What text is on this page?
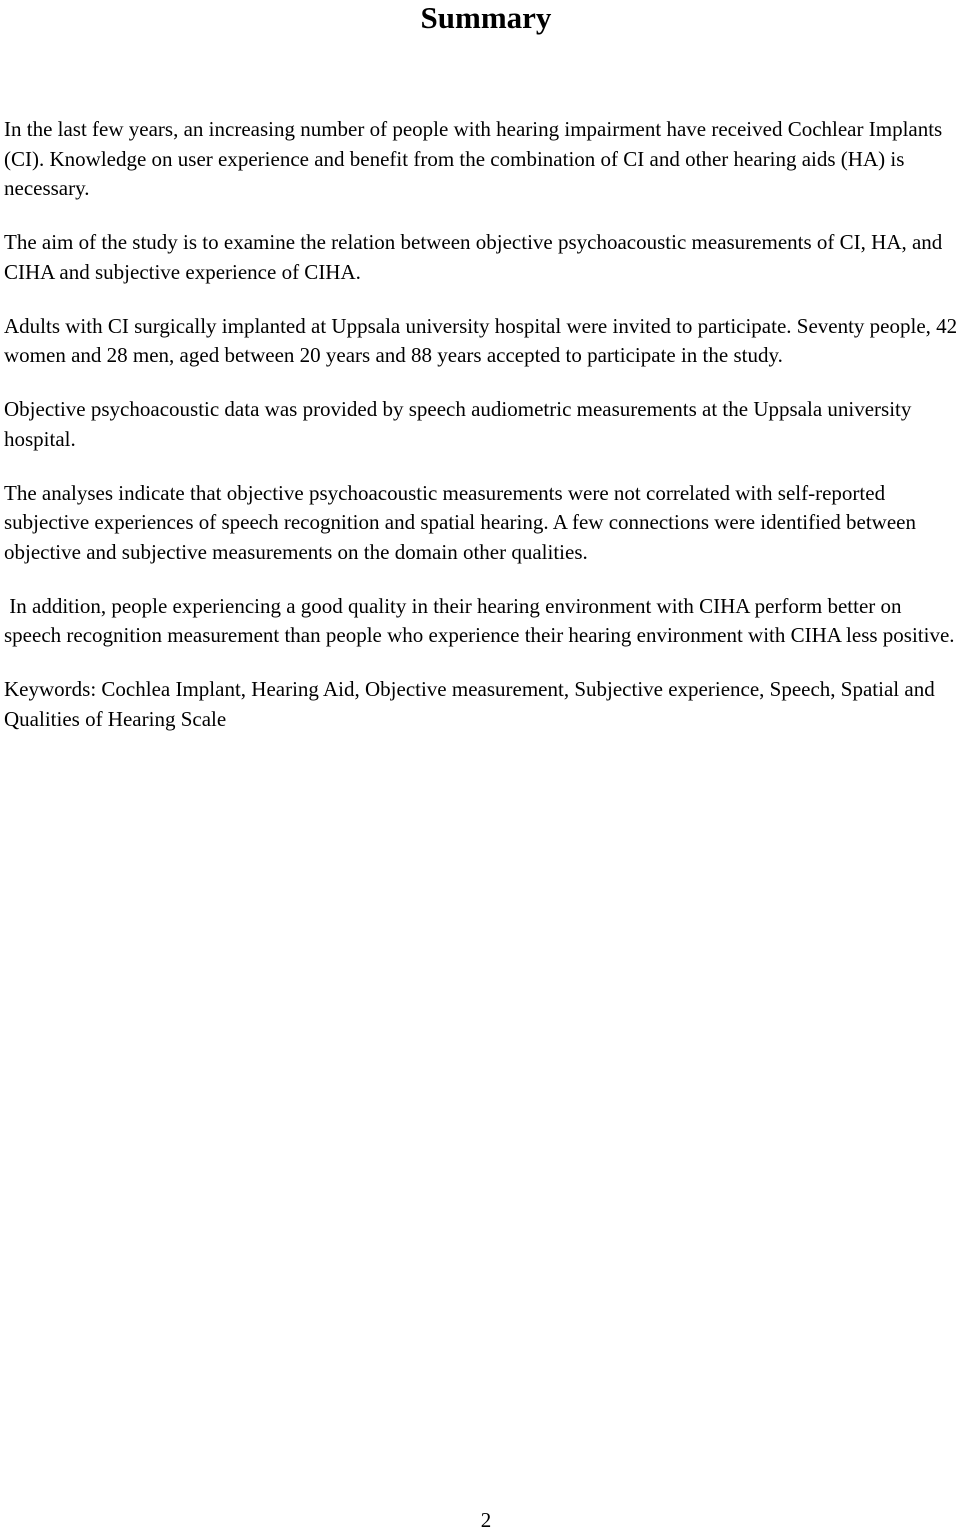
Summary

In the last few years, an increasing number of people with hearing impairment have received Cochlear Implants (CI). Knowledge on user experience and benefit from the combination of CI and other hearing aids (HA) is necessary.

The aim of the study is to examine the relation between objective psychoacoustic measurements of CI, HA, and CIHA and subjective experience of CIHA.

Adults with CI surgically implanted at Uppsala university hospital were invited to participate. Seventy people, 42 women and 28 men, aged between 20 years and 88 years accepted to participate in the study.

Objective psychoacoustic data was provided by speech audiometric measurements at the Uppsala university hospital.

The analyses indicate that objective psychoacoustic measurements were not correlated with self-reported subjective experiences of speech recognition and spatial hearing. A few connections were identified between objective and subjective measurements on the domain other qualities.

In addition, people experiencing a good quality in their hearing environment with CIHA perform better on speech recognition measurement than people who experience their hearing environment with CIHA less positive.

Keywords: Cochlea Implant, Hearing Aid, Objective measurement, Subjective experience, Speech, Spatial and Qualities of Hearing Scale

2
